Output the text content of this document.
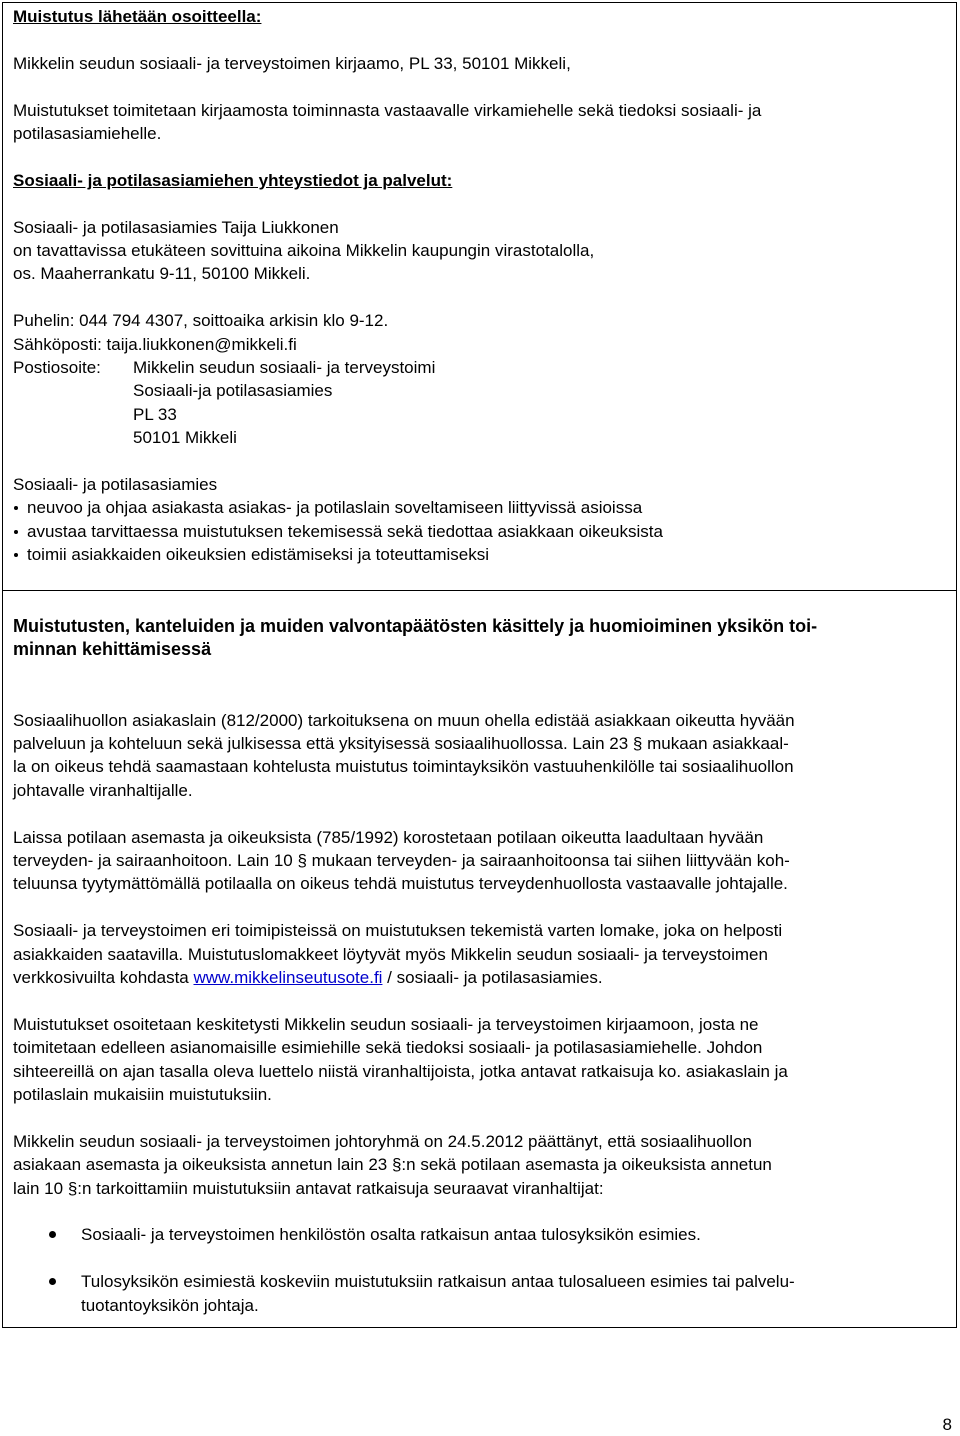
Muistutus lähetään osoitteella:
Mikkelin seudun sosiaali- ja terveystoimen kirjaamo, PL 33, 50101 Mikkeli,
Muistutukset toimitetaan kirjaamosta toiminnasta vastaavalle virkamiehelle sekä tiedoksi sosiaali- ja
potilasasiamiehelle.
Sosiaali- ja potilasasiamiehen yhteystiedot ja palvelut:
Sosiaali- ja potilasasiamies Taija Liukkonen
on tavattavissa etukäteen sovittuina aikoina Mikkelin kaupungin virastotalolla,
os. Maaherrankatu 9-11, 50100 Mikkeli.
Puhelin: 044 794 4307, soittoaika arkisin klo 9-12.
Sähköposti: taija.liukkonen@mikkeli.fi
Postiosoite:	Mikkelin seudun sosiaali- ja terveystoimi
Sosiaali-ja potilasasiamies
PL 33
50101 Mikkeli
Sosiaali- ja potilasasiamies
neuvoo ja ohjaa asiakasta asiakas- ja potilaslain soveltamiseen liittyvissä asioissa
avustaa tarvittaessa muistutuksen tekemisessä sekä tiedottaa asiakkaan oikeuksista
toimii asiakkaiden oikeuksien edistämiseksi ja toteuttamiseksi
Muistutusten, kanteluiden ja muiden valvontapäätösten käsittely ja huomioiminen yksikön toi-
minnan kehittämisessä

Sosiaalihuollon asiakaslain (812/2000) tarkoituksena on muun ohella edistää asiakkaan oikeutta hyvään
palveluun ja kohteluun sekä julkisessa että yksityisessä sosiaalihuollossa. Lain 23 § mukaan asiakkaal-
la on oikeus tehdä saamastaan kohtelusta muistutus toimintayksikön vastuuhenkilölle tai sosiaalihuollon
johtavalle viranhaltijalle.

Laissa potilaan asemasta ja oikeuksista (785/1992) korostetaan potilaan oikeutta laadultaan hyvään
terveyden- ja sairaanhoitoon. Lain 10 § mukaan terveyden- ja sairaanhoitoonsa tai siihen liittyvään koh-
teluunsa tyytymättömällä potilaalla on oikeus tehdä muistutus terveydenhuollosta vastaavalle johtajalle.

Sosiaali- ja terveystoimen eri toimipisteissä on muistutuksen tekemistä varten lomake, joka on helposti
asiakkaiden saatavilla. Muistutuslomakkeet löytyvät myös Mikkelin seudun sosiaali- ja terveystoimen
verkkosivuilta kohdasta www.mikkelinseutusote.fi / sosiaali- ja potilasasiamies.

Muistutukset osoitetaan keskitetysti Mikkelin seudun sosiaali- ja terveystoimen kirjaamoon, josta ne
toimitetaan edelleen asianomaisille esimiehille sekä tiedoksi sosiaali- ja potilasasiamiehelle. Johdon
sihteereillä on ajan tasalla oleva luettelo niistä viranhaltijoista, jotka antavat ratkaisuja ko. asiakaslain ja
potilaslain mukaisiin muistutuksiin.

Mikkelin seudun sosiaali- ja terveystoimen johtoryhmä on 24.5.2012 päättänyt, että sosiaalihuollon
asiakaan asemasta ja oikeuksista annetun lain 23 §:n sekä potilaan asemasta ja oikeuksista annetun
lain 10 §:n tarkoittamiin muistutuksiin antavat ratkaisuja seuraavat viranhaltijat:

Sosiaali- ja terveystoimen henkilöstön osalta ratkaisun antaa tulosyksikön esimies.
Tulosyksikön esimiestä koskeviin muistutuksiin ratkaisun antaa tulosalueen esimies tai palvelu-
tuotantoyksikön johtaja.
8
